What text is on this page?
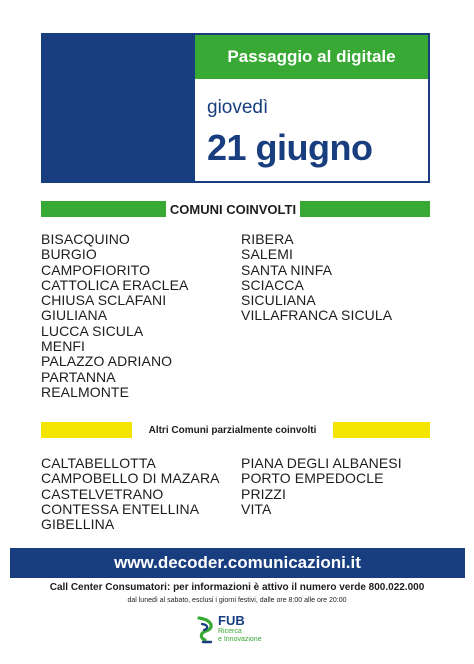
Passaggio al digitale
giovedì
21 giugno
COMUNI COINVOLTI
BISACQUINO
BURGIO
CAMPOFIORITO
CATTOLICA ERACLEA
CHIUSA SCLAFANI
GIULIANA
LUCCA SICULA
MENFI
PALAZZO ADRIANO
PARTANNA
REALMONTE
RIBERA
SALEMI
SANTA NINFA
SCIACCA
SICULIANA
VILLAFRANCA SICULA
Altri Comuni parzialmente coinvolti
CALTABELLOTTA
CAMPOBELLO DI MAZARA
CASTELVETRANO
CONTESSA ENTELLINA
GIBELLINA
PIANA DEGLI ALBANESI
PORTO EMPEDOCLE
PRIZZI
VITA
www.decoder.comunicazioni.it
Call Center Consumatori: per informazioni è attivo il numero verde 800.022.000
dal lunedì al sabato, esclusi i giorni festivi, dalle ore 8:00 alle ore 20:00
FUB
Ricerca
e Innovazione
